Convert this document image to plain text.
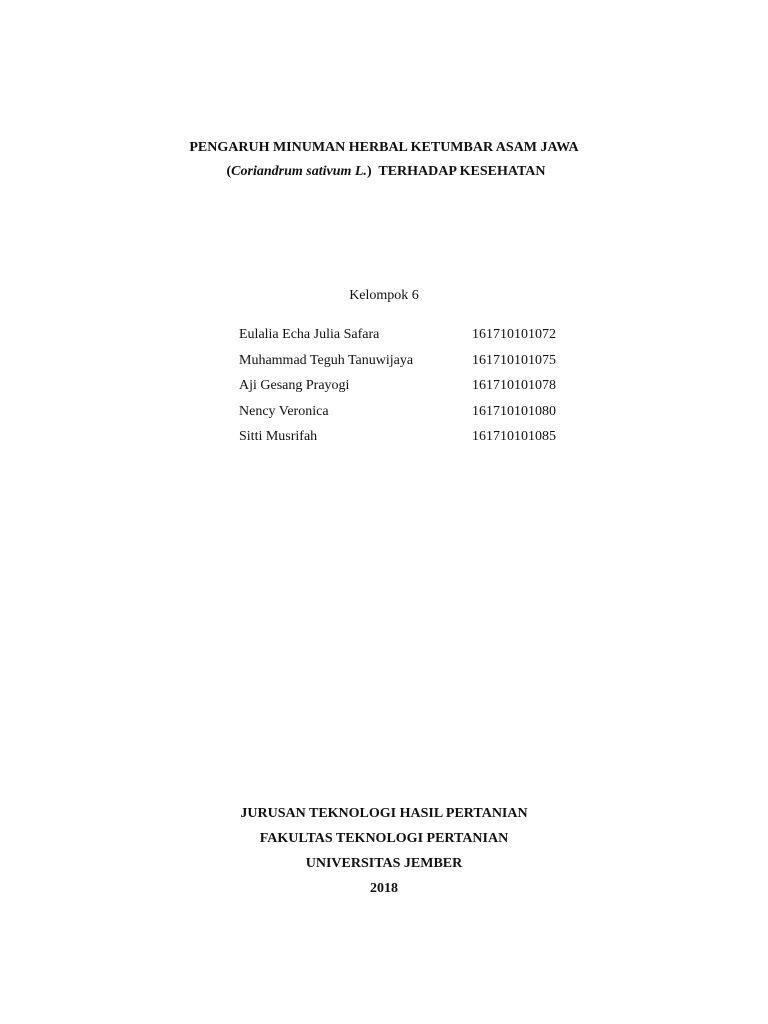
PENGARUH MINUMAN HERBAL KETUMBAR ASAM JAWA
(Coriandrum sativum L.) TERHADAP KESEHATAN
Kelompok 6
Eulalia Echa Julia Safara	161710101072
Muhammad Teguh Tanuwijaya	161710101075
Aji Gesang Prayogi	161710101078
Nency Veronica	161710101080
Sitti Musrifah	161710101085
JURUSAN TEKNOLOGI HASIL PERTANIAN
FAKULTAS TEKNOLOGI PERTANIAN
UNIVERSITAS JEMBER
2018
